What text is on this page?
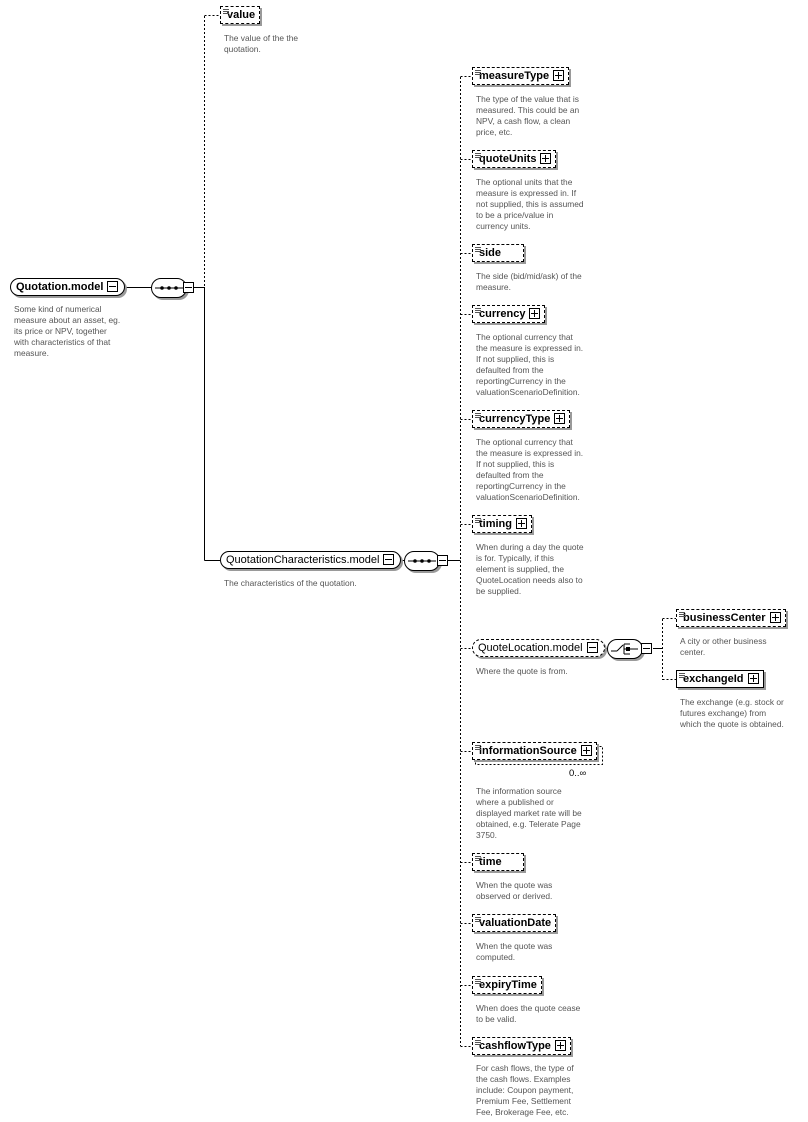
Quotation.model
Some kind of numerical
measure about an asset, eg.
its price or NPV, together
with characteristics of that
measure.
value
The value of the the
quotation.
QuotationCharacteristics.model
The characteristics of the quotation.
measureType
The type of the value that is
measured. This could be an
NPV, a cash flow, a clean
price, etc.
quoteUnits
The optional units that the
measure is expressed in. If
not supplied, this is assumed
to be a price/value in
currency units.
side
The side (bid/mid/ask) of the
measure.
currency
The optional currency that
the measure is expressed in.
If not supplied, this is
defaulted from the
reportingCurrency in the
valuationScenarioDefinition.
currencyType
The optional currency that
the measure is expressed in.
If not supplied, this is
defaulted from the
reportingCurrency in the
valuationScenarioDefinition.
timing
When during a day the quote
is for. Typically, if this
element is supplied, the
QuoteLocation needs also to
be supplied.
QuoteLocation.model
Where the quote is from.
businessCenter
A city or other business
center.
exchangeId
The exchange (e.g. stock or
futures exchange) from
which the quote is obtained.
informationSource
0..∞
The information source
where a published or
displayed market rate will be
obtained, e.g. Telerate Page
3750.
time
When the quote was
observed or derived.
valuationDate
When the quote was
computed.
expiryTime
When does the quote cease
to be valid.
cashflowType
For cash flows, the type of
the cash flows. Examples
include: Coupon payment,
Premium Fee, Settlement
Fee, Brokerage Fee, etc.
